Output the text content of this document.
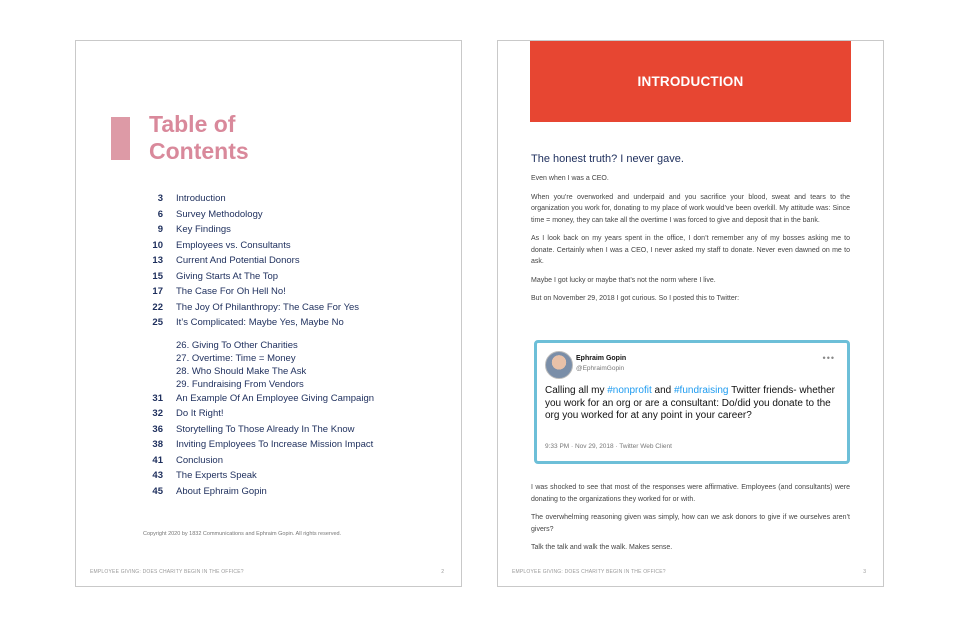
Table of Contents
3 Introduction
6 Survey Methodology
9 Key Findings
10 Employees vs. Consultants
13 Current And Potential Donors
15 Giving Starts At The Top
17 The Case For Oh Hell No!
22 The Joy Of Philanthropy: The Case For Yes
25 It’s Complicated: Maybe Yes, Maybe No
26. Giving To Other Charities
27. Overtime: Time = Money
28. Who Should Make The Ask
29. Fundraising From Vendors
31 An Example Of An Employee Giving Campaign
32 Do It Right!
36 Storytelling To Those Already In The Know
38 Inviting Employees To Increase Mission Impact
41 Conclusion
43 The Experts Speak
45 About Ephraim Gopin
Copyright 2020 by 1832 Communications and Ephraim Gopin. All rights reserved.
EMPLOYEE GIVING: DOES CHARITY BEGIN IN THE OFFICE?	2
INTRODUCTION

The honest truth? I never gave.

Even when I was a CEO.

When you’re overworked and underpaid and you sacrifice your blood, sweat and tears to the organization you work for, donating to my place of work would’ve been overkill. My attitude was: Since time = money, they can take all the overtime I was forced to give and deposit that in the bank.

As I look back on my years spent in the office, I don’t remember any of my bosses asking me to donate. Certainly when I was a CEO, I never asked my staff to donate. Never even dawned on me to ask.

Maybe I got lucky or maybe that’s not the norm where I live.

But on November 29, 2018 I got curious. So I posted this to Twitter:

Ephraim Gopin
@EphraimGopin
•••
Calling all my #nonprofit and #fundraising Twitter friends- whether you work for an org or are a consultant: Do/did you donate to the org you worked for at any point in your career?
9:33 PM · Nov 29, 2018 · Twitter Web Client

I was shocked to see that most of the responses were affirmative. Employees (and consultants) were donating to the organizations they worked for or with.

The overwhelming reasoning given was simply, how can we ask donors to give if we ourselves aren’t givers?

Talk the talk and walk the walk. Makes sense.

EMPLOYEE GIVING: DOES CHARITY BEGIN IN THE OFFICE?	3
